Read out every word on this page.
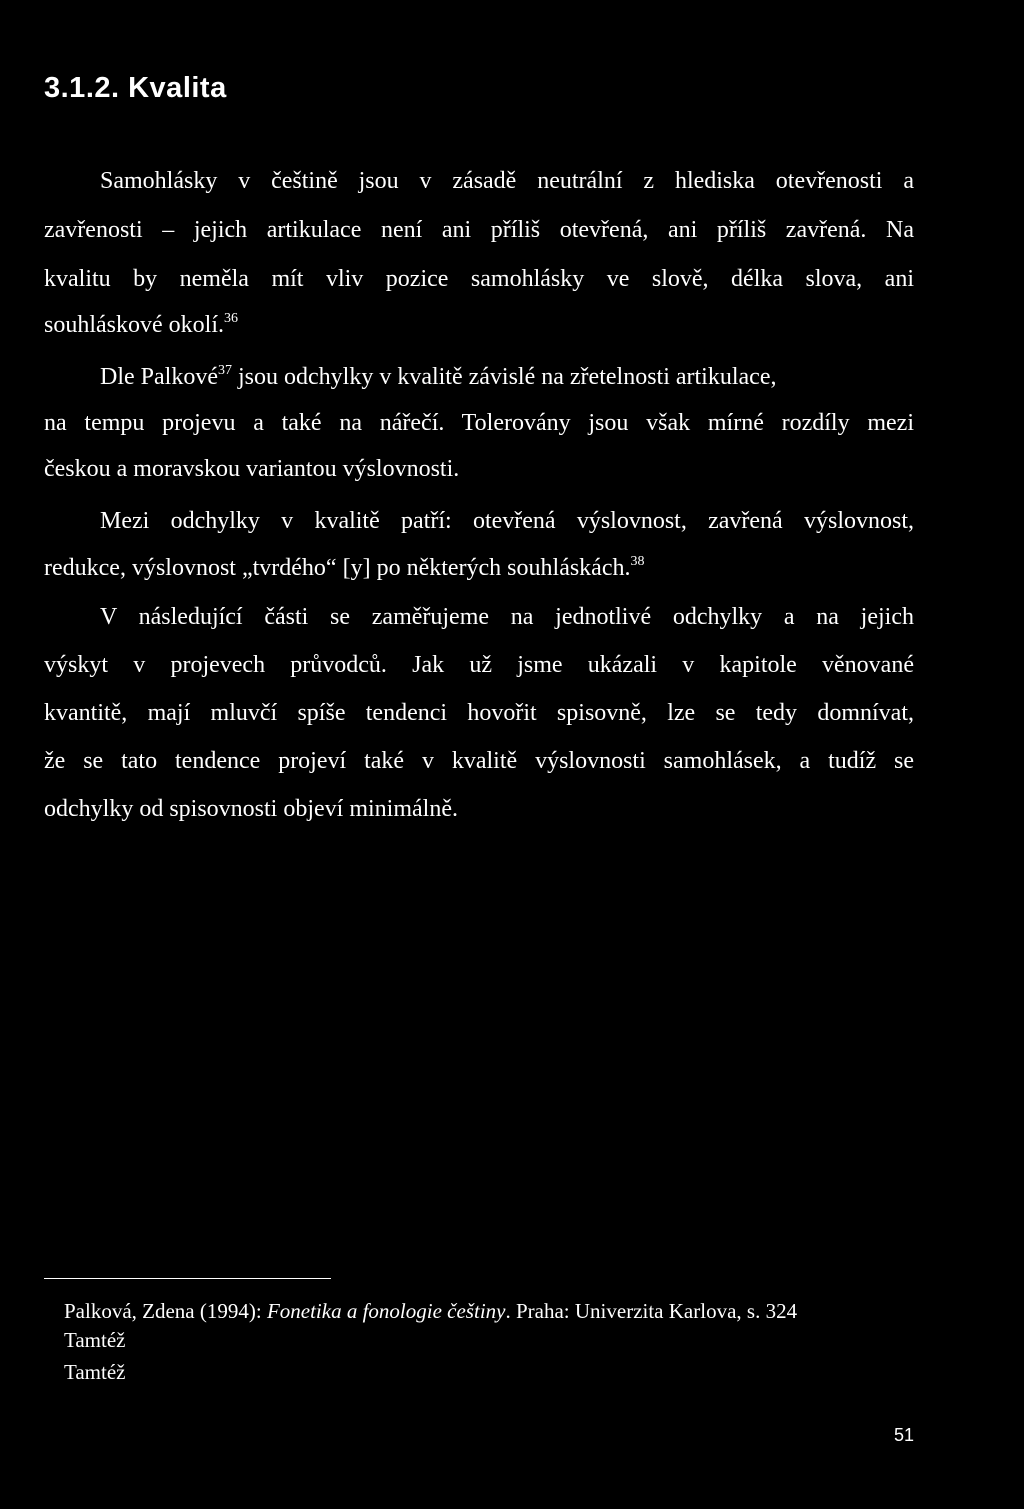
3.1.2. Kvalita
Samohlásky v češtině jsou v zásadě neutrální z hlediska otevřenosti a
zavřenosti – jejich artikulace není ani příliš otevřená, ani příliš zavřená. Na
kvalitu by neměla mít vliv pozice samohlásky ve slově, délka slova, ani
souhláskové okolí.$^{36}$
Dle Palkové$^{37}$ jsou odchylky v kvalitě závislé na zřetelnosti artikulace,
na tempu projevu a také na nářečí. Tolerovány jsou však mírné rozdíly mezi
českou a moravskou variantou výslovnosti.
Mezi odchylky v kvalitě patří: otevřená výslovnost, zavřená výslovnost,
redukce, výslovnost „tvrdého“ [y] po některých souhláskách.$^{38}$
V následující části se zaměřujeme na jednotlivé odchylky a na jejich
výskyt v projevech průvodců. Jak už jsme ukázali v kapitole věnované
kvantitě, mají mluvčí spíše tendenci hovořit spisovně, lze se tedy domnívat,
že se tato tendence projeví také v kvalitě výslovnosti samohlásek, a tudíž se
odchylky od spisovnosti objeví minimálně.
Palková, Zdena (1994): Fonetika a fonologie češtiny. Praha: Univerzita Karlova, s. 324
Tamtéž
Tamtéž
51
